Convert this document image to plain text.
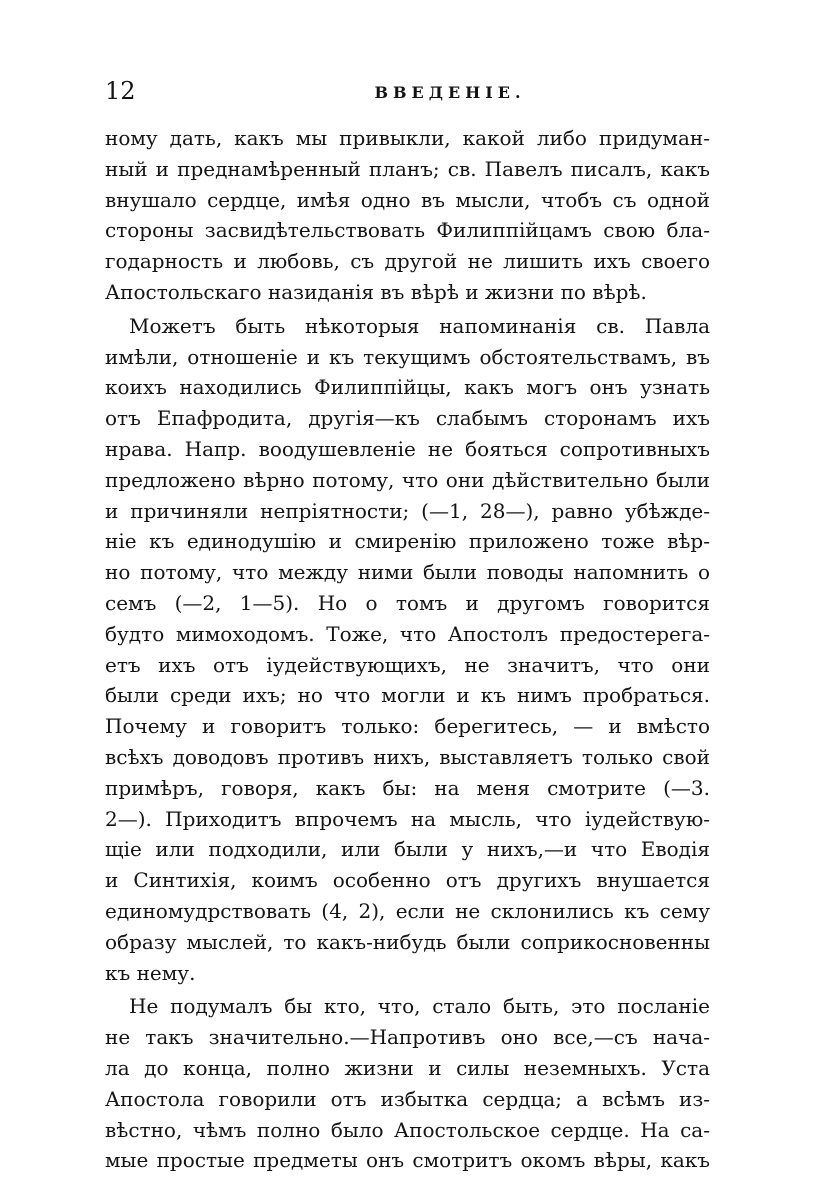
12	ВВЕДЕНІЕ.

ному дать, какъ мы привыкли, какой либо придуман-
ный и преднамѣренный планъ; св. Павелъ писалъ, какъ
внушало сердце, имѣя одно въ мысли, чтобъ съ одной
стороны засвидѣтельствовать Филиппійцамъ свою бла-
годарность и любовь, съ другой не лишить ихъ своего
Апостольскаго назиданія въ вѣрѣ и жизни по вѣрѣ.

Можетъ быть нѣкоторыя напоминанія св. Павла
имѣли, отношеніе и къ текущимъ обстоятельствамъ, въ
коихъ находились Филиппійцы, какъ могъ онъ узнать
отъ Епафродита, другія—къ слабымъ сторонамъ ихъ
нрава. Напр. воодушевленіе не бояться сопротивныхъ
предложено вѣрно потому, что они дѣйствительно были
и причиняли непріятности; (—1, 28—), равно убѣжде-
ніе къ единодушію и смиренію приложено тоже вѣр-
но потому, что между ними были поводы напомнить о
семъ (—2, 1—5). Но о томъ и другомъ говорится
будто мимоходомъ. Тоже, что Апостолъ предостерега-
етъ ихъ отъ іудействующихъ, не значитъ, что они
были среди ихъ; но что могли и къ нимъ пробраться.
Почему и говоритъ только: берегитесь, — и вмѣсто
всѣхъ доводовъ противъ нихъ, выставляетъ только свой
примѣръ, говоря, какъ бы: на меня смотрите (—3.
2—). Приходитъ впрочемъ на мысль, что іудействую-
щіе или подходили, или были у нихъ,—и что Еводія
и Синтихія, коимъ особенно отъ другихъ внушается
единомудрствовать (4, 2), если не склонились къ сему
образу мыслей, то какъ-нибудь были соприкосновенны
къ нему.

Не подумалъ бы кто, что, стало быть, это посланіе
не такъ значительно.—Напротивъ оно все,—съ нача-
ла до конца, полно жизни и силы неземныхъ. Уста
Апостола говорили отъ избытка сердца; а всѣмъ из-
вѣстно, чѣмъ полно было Апостольское сердце. На са-
мые простые предметы онъ смотритъ окомъ вѣры, какъ
